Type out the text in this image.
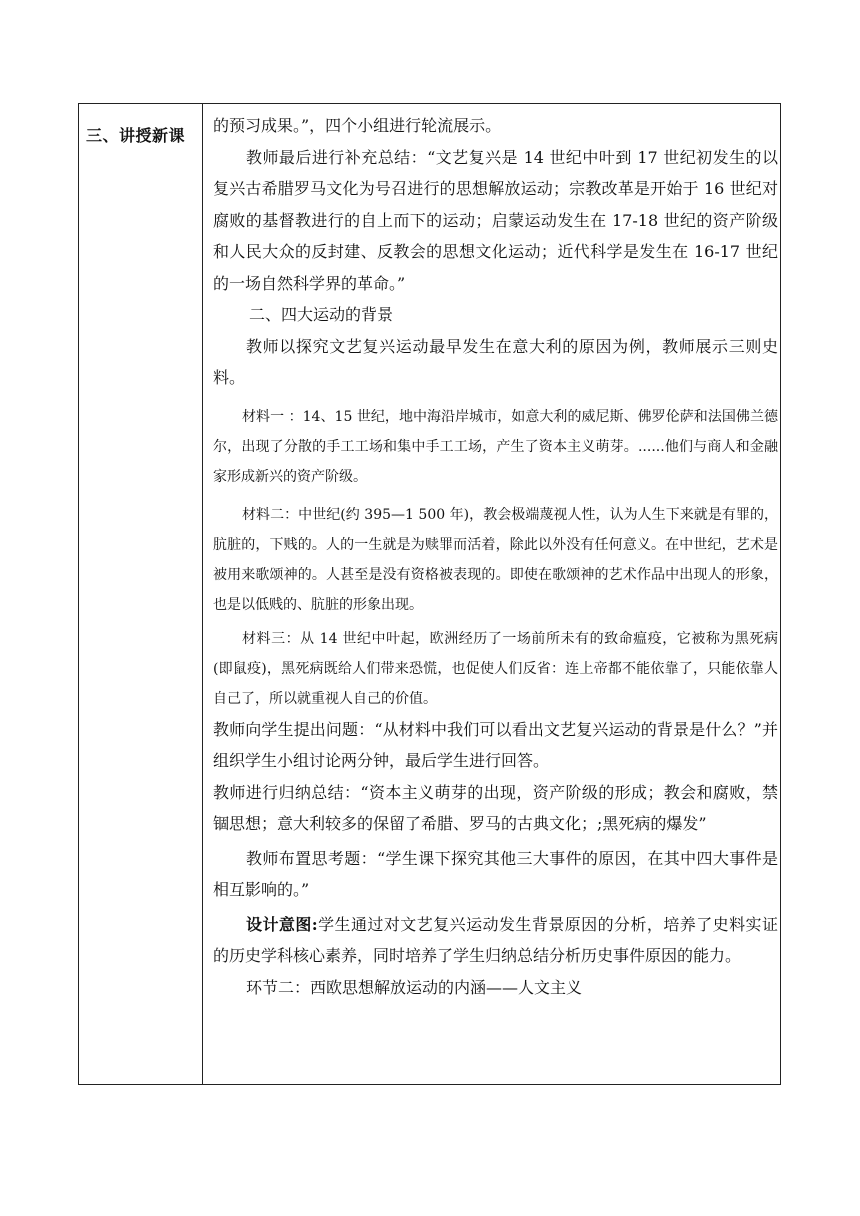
三、讲授新课

的预习成果。”，四个小组进行轮流展示。

教师最后进行补充总结：“文艺复兴是 14 世纪中叶到 17 世纪初发生的以复兴古希腊罗马文化为号召进行的思想解放运动；宗教改革是开始于 16 世纪对腐败的基督教进行的自上而下的运动；启蒙运动发生在 17-18 世纪的资产阶级和人民大众的反封建、反教会的思想文化运动；近代科学是发生在 16-17 世纪的一场自然科学界的革命。”

二、四大运动的背景

教师以探究文艺复兴运动最早发生在意大利的原因为例，教师展示三则史料。

材料一 ：14、15 世纪，地中海沿岸城市，如意大利的威尼斯、佛罗伦萨和法国佛兰德尔，出现了分散的手工工场和集中手工工场，产生了资本主义萌芽。......他们与商人和金融家形成新兴的资产阶级。

材料二：中世纪(约 395—1 500 年)，教会极端蔑视人性，认为人生下来就是有罪的，肮脏的，下贱的。人的一生就是为赎罪而活着，除此以外没有任何意义。在中世纪，艺术是被用来歌颂神的。人甚至是没有资格被表现的。即使在歌颂神的艺术作品中出现人的形象，也是以低贱的、肮脏的形象出现。

材料三：从 14 世纪中叶起，欧洲经历了一场前所未有的致命瘟疫，它被称为黑死病(即鼠疫)，黑死病既给人们带来恐慌，也促使人们反省：连上帝都不能依靠了，只能依靠人自己了，所以就重视人自己的价值。

教师向学生提出问题：“从材料中我们可以看出文艺复兴运动的背景是什么？”并组织学生小组讨论两分钟，最后学生进行回答。

教师进行归纳总结：“资本主义萌芽的出现，资产阶级的形成；教会和腐败，禁锢思想；意大利较多的保留了希腊、罗马的古典文化；;黑死病的爆发”

教师布置思考题：“学生课下探究其他三大事件的原因，在其中四大事件是相互影响的。”

设计意图:学生通过对文艺复兴运动发生背景原因的分析，培养了史料实证的历史学科核心素养，同时培养了学生归纳总结分析历史事件原因的能力。

环节二：西欧思想解放运动的内涵——人文主义
